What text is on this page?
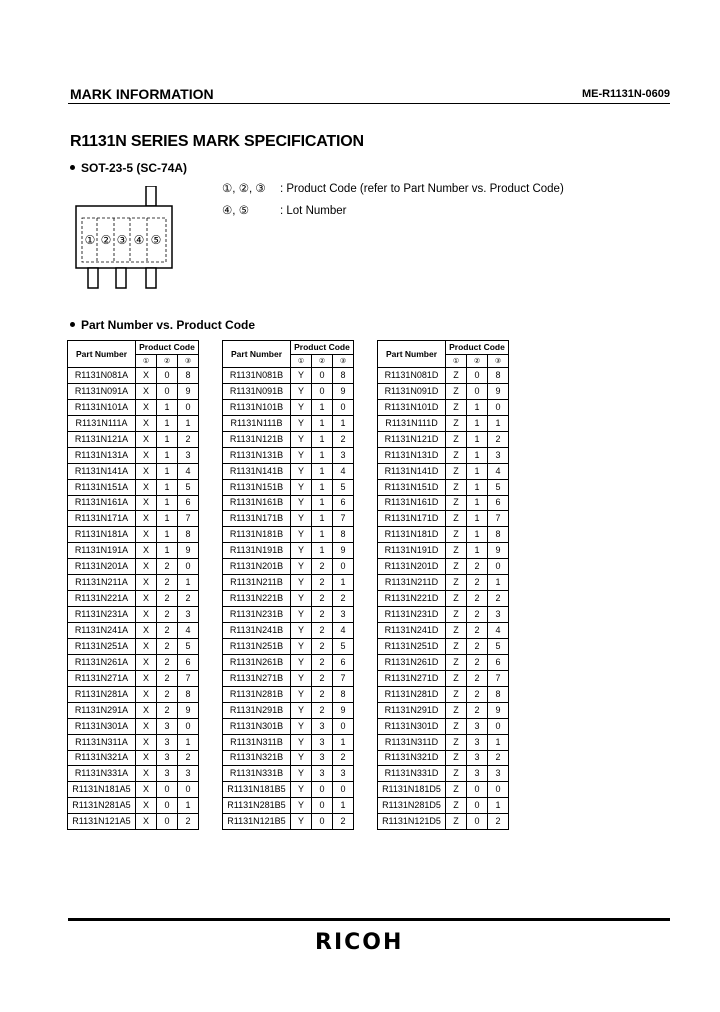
MARK INFORMATION	ME-R1131N-0609
R1131N SERIES MARK SPECIFICATION
SOT-23-5 (SC-74A)
① ② ③ ④ ⑤
①, ②, ③ : Product Code (refer to Part Number vs. Product Code)
④, ⑤	: Lot Number
Part Number vs. Product Code
Part Number	Product Code		
	①	②	③
R1131N081A	X	0	8
R1131N091A	X	0	9
R1131N101A	X	1	0
R1131N111A	X	1	1
R1131N121A	X	1	2
R1131N131A	X	1	3
R1131N141A	X	1	4
R1131N151A	X	1	5
R1131N161A	X	1	6
R1131N171A	X	1	7
R1131N181A	X	1	8
R1131N191A	X	1	9
R1131N201A	X	2	0
R1131N211A	X	2	1
R1131N221A	X	2	2
R1131N231A	X	2	3
R1131N241A	X	2	4
R1131N251A	X	2	5
R1131N261A	X	2	6
R1131N271A	X	2	7
R1131N281A	X	2	8
R1131N291A	X	2	9
R1131N301A	X	3	0
R1131N311A	X	3	1
R1131N321A	X	3	2
R1131N331A	X	3	3
R1131N181A5	X	0	0
R1131N281A5	X	0	1
R1131N121A5	X	0	2
Part Number	Product Code		
	①	②	③
R1131N081B	Y	0	8
R1131N091B	Y	0	9
R1131N101B	Y	1	0
R1131N111B	Y	1	1
R1131N121B	Y	1	2
R1131N131B	Y	1	3
R1131N141B	Y	1	4
R1131N151B	Y	1	5
R1131N161B	Y	1	6
R1131N171B	Y	1	7
R1131N181B	Y	1	8
R1131N191B	Y	1	9
R1131N201B	Y	2	0
R1131N211B	Y	2	1
R1131N221B	Y	2	2
R1131N231B	Y	2	3
R1131N241B	Y	2	4
R1131N251B	Y	2	5
R1131N261B	Y	2	6
R1131N271B	Y	2	7
R1131N281B	Y	2	8
R1131N291B	Y	2	9
R1131N301B	Y	3	0
R1131N311B	Y	3	1
R1131N321B	Y	3	2
R1131N331B	Y	3	3
R1131N181B5	Y	0	0
R1131N281B5	Y	0	1
R1131N121B5	Y	0	2
Part Number	Product Code		
	①	②	③
R1131N081D	Z	0	8
R1131N091D	Z	0	9
R1131N101D	Z	1	0
R1131N111D	Z	1	1
R1131N121D	Z	1	2
R1131N131D	Z	1	3
R1131N141D	Z	1	4
R1131N151D	Z	1	5
R1131N161D	Z	1	6
R1131N171D	Z	1	7
R1131N181D	Z	1	8
R1131N191D	Z	1	9
R1131N201D	Z	2	0
R1131N211D	Z	2	1
R1131N221D	Z	2	2
R1131N231D	Z	2	3
R1131N241D	Z	2	4
R1131N251D	Z	2	5
R1131N261D	Z	2	6
R1131N271D	Z	2	7
R1131N281D	Z	2	8
R1131N291D	Z	2	9
R1131N301D	Z	3	0
R1131N311D	Z	3	1
R1131N321D	Z	3	2
R1131N331D	Z	3	3
R1131N181D5	Z	0	0
R1131N281D5	Z	0	1
R1131N121D5	Z	0	2
RICOH
